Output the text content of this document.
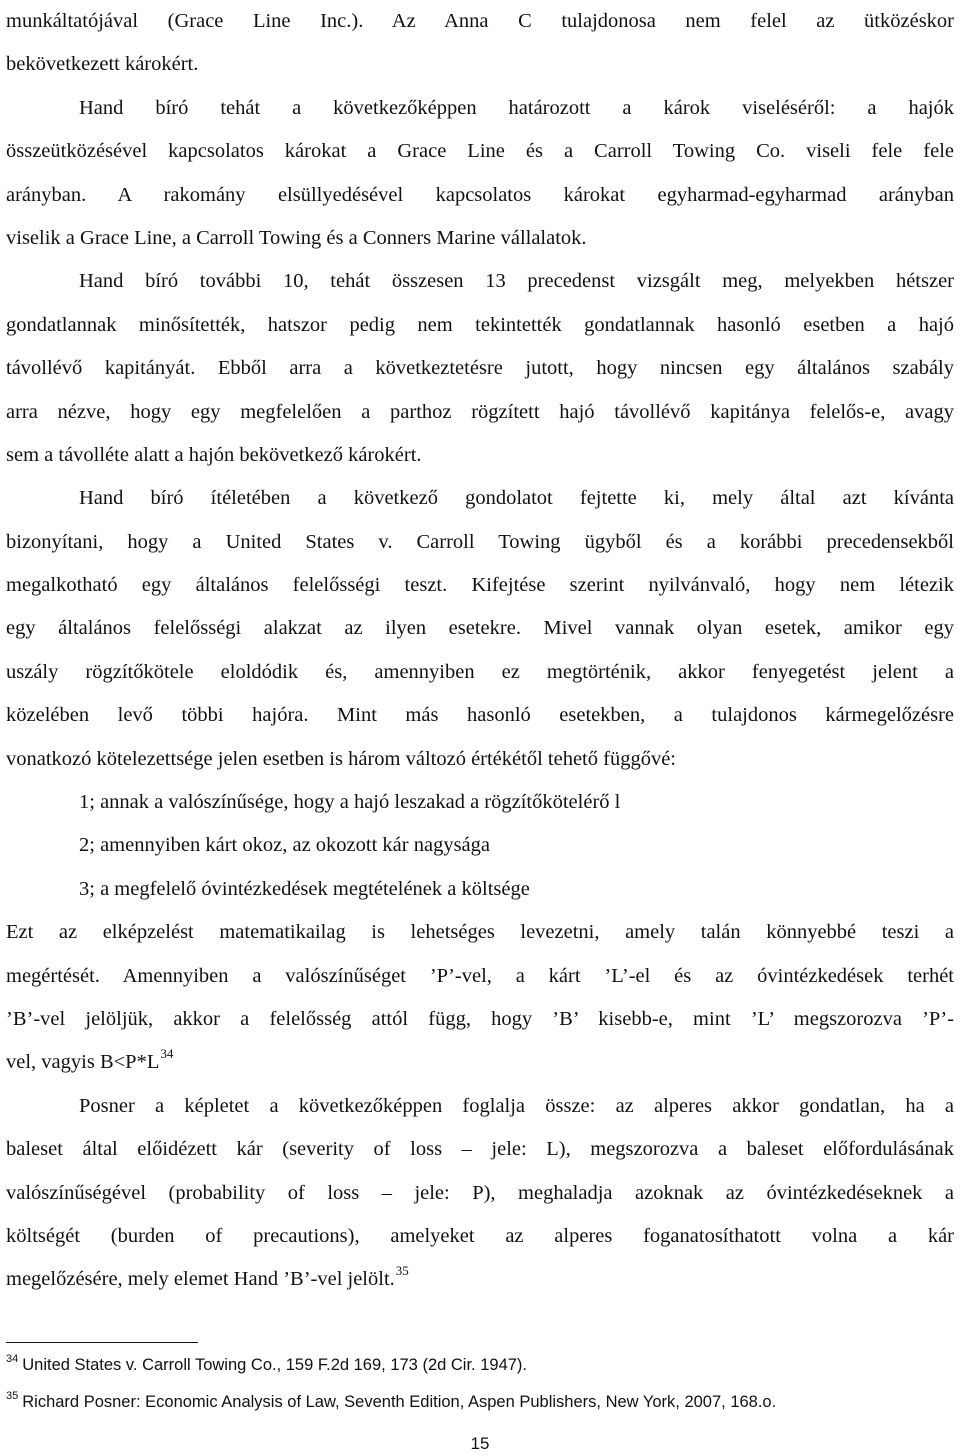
munkáltatójával (Grace Line Inc.). Az Anna C tulajdonosa nem felel az ütközéskor
bekövetkezett károkért.
Hand bíró tehát a következőképpen határozott a károk viseléséről: a hajók
összeütközésével kapcsolatos károkat a Grace Line és a Carroll Towing Co. viseli fele fele
arányban. A rakomány elsüllyedésével kapcsolatos károkat egyharmad-egyharmad arányban
viselik a Grace Line, a Carroll Towing és a Conners Marine vállalatok.
Hand bíró további 10, tehát összesen 13 precedenst vizsgált meg, melyekben hétszer
gondatlannak minősítették, hatszor pedig nem tekintették gondatlannak hasonló esetben a hajó
távollévő kapitányát. Ebből arra a következtetésre jutott, hogy nincsen egy általános szabály
arra nézve, hogy egy megfelelően a parthoz rögzített hajó távollévő kapitánya felelős-e, avagy
sem a távolléte alatt a hajón bekövetkező károkért.
Hand bíró ítéletében a következő gondolatot fejtette ki, mely által azt kívánta
bizonyítani, hogy a United States v. Carroll Towing ügyből és a korábbi precedensekből
megalkotható egy általános felelősségi teszt. Kifejtése szerint nyilvánvaló, hogy nem létezik
egy általános felelősségi alakzat az ilyen esetekre. Mivel vannak olyan esetek, amikor egy
uszály rögzítőkötele eloldódik és, amennyiben ez megtörténik, akkor fenyegetést jelent a
közelében levő többi hajóra. Mint más hasonló esetekben, a tulajdonos kármegelőzésre
vonatkozó kötelezettsége jelen esetben is három változó értékétől tehető függővé:
1; annak a valószínűsége, hogy a hajó leszakad a rögzítőkötelérő l
2; amennyiben kárt okoz, az okozott kár nagysága
3; a megfelelő óvintézkedések megtételének a költsége
Ezt az elképzelést matematikailag is lehetséges levezetni, amely talán könnyebbé teszi a
megértését. Amennyiben a valószínűséget ’P’-vel, a kárt ’L’-el és az óvintézkedések terhét
’B’-vel jelöljük, akkor a felelősség attól függ, hogy ’B’ kisebb-e, mint ’L’ megszorozva ’P’-
vel, vagyis $B<P*L^{34}$
Posner a képletet a következőképpen foglalja össze: az alperes akkor gondatlan, ha a
baleset által előidézett kár (severity of loss – jele: L), megszorozva a baleset előfordulásának
valószínűségével (probability of loss – jele: P), meghaladja azoknak az óvintézkedéseknek a
költségét (burden of precautions), amelyeket az alperes foganatosíthatott volna a kár
megelőzésére, mely elemet Hand ’B’-vel jelölt.$^{35}$
$^{34}$ United States v. Carroll Towing Co., 159 F.2d 169, 173 (2d Cir. 1947).
$^{35}$ Richard Posner: Economic Analysis of Law, Seventh Edition, Aspen Publishers, New York, 2007, 168.o.
15
